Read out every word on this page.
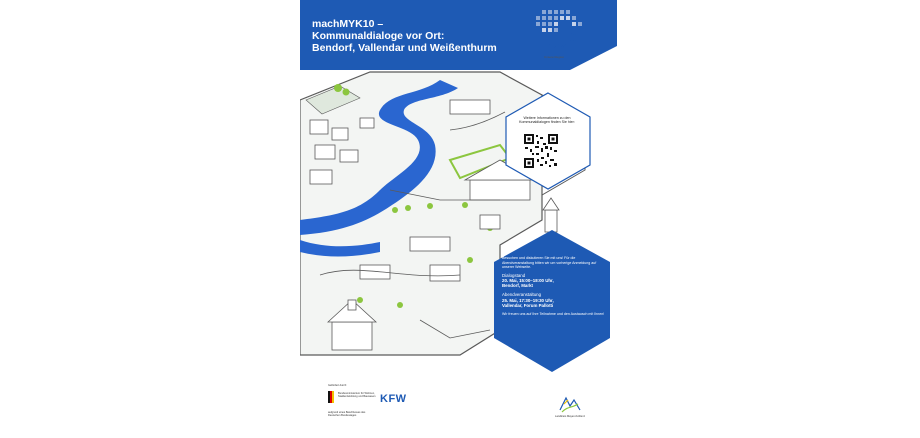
machMYK10 –
Kommunaldialoge vor Ort:
Bendorf, Vallendar und Weißenthurm
10
MYK
Unsere Region
Weitere Informationen zu den Kommunaldialogen finden Sie hier:

Besuchen und diskutieren Sie mit uns! Für die Abendveranstaltung bitten wir um vorherige Anmeldung auf unserer Webseite.

Dialogstand

20. Mai, 15:00–18:00 Uhr,

Bendorf, Markt

Abendveranstaltung

25. Mai, 17:30–19:30 Uhr,

Vallendar, Forum Pallotti

Wir freuen uns auf Ihre Teilnahme und den Austausch mit Ihnen!

Gefördert durch:
Bundesministerium für Wohnen, Stadtentwicklung und Bauwesen
aufgrund eines Beschlusses des Deutschen Bundestages
KFW
Landkreis Mayen-Koblenz
